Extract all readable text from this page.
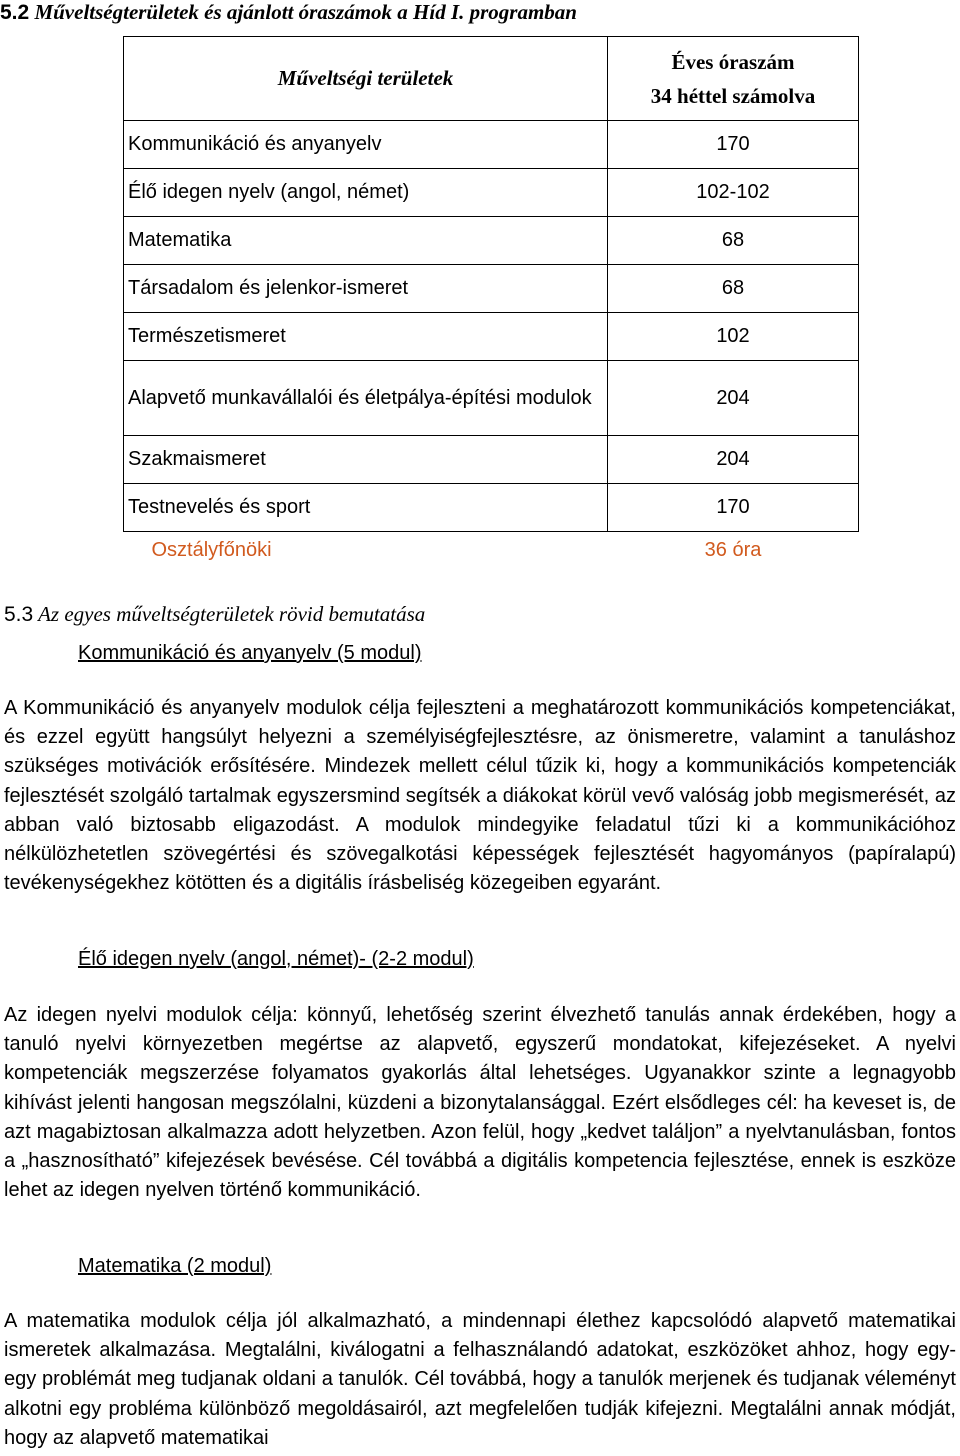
5.2 Műveltségterületek és ajánlott óraszámok a Híd I. programban
Műveltségi területek	Éves óraszám
34 héttel számolva
Kommunikáció és anyanyelv	170
Élő idegen nyelv (angol, német)	102-102
Matematika	68
Társadalom és jelenkor-ismeret	68
Természetismeret	102
Alapvető munkavállalói és életpálya-építési modulok	204
Szakmaismeret	204
Testnevelés és sport	170
Osztályfőnöki	36 óra
5.3 Az egyes műveltségterületek rövid bemutatása
Kommunikáció és anyanyelv (5 modul)
A Kommunikáció és anyanyelv modulok célja fejleszteni a meghatározott kommunikációs kompetenciákat, és ezzel együtt hangsúlyt helyezni a személyiségfejlesztésre, az önismeretre, valamint a tanuláshoz szükséges motivációk erősítésére. Mindezek mellett célul tűzik ki, hogy a kommunikációs kompetenciák fejlesztését szolgáló tartalmak egyszersmind segítsék a diákokat körül vevő valóság jobb megismerését, az abban való biztosabb eligazodást. A modulok mindegyike feladatul tűzi ki a kommunikációhoz nélkülözhetetlen szövegértési és szövegalkotási képességek fejlesztését hagyományos (papíralapú) tevékenységekhez kötötten és a digitális írásbeliség közegeiben egyaránt.
Élő idegen nyelv (angol, német)- (2-2 modul)
Az idegen nyelvi modulok célja: könnyű, lehetőség szerint élvezhető tanulás annak érdekében, hogy a tanuló nyelvi környezetben megértse az alapvető, egyszerű mondatokat, kifejezéseket. A nyelvi kompetenciák megszerzése folyamatos gyakorlás által lehetséges. Ugyanakkor szinte a legnagyobb kihívást jelenti hangosan megszólalni, küzdeni a bizonytalansággal. Ezért elsődleges cél: ha keveset is, de azt magabiztosan alkalmazza adott helyzetben. Azon felül, hogy „kedvet találjon” a nyelvtanulásban, fontos a „hasznosítható” kifejezések bevésése. Cél továbbá a digitális kompetencia fejlesztése, ennek is eszköze lehet az idegen nyelven történő kommunikáció.
Matematika (2 modul)
A matematika modulok célja jól alkalmazható, a mindennapi élethez kapcsolódó alapvető matematikai ismeretek alkalmazása. Megtalálni, kiválogatni a felhasználandó adatokat, eszközöket ahhoz, hogy egy-egy problémát meg tudjanak oldani a tanulók. Cél továbbá, hogy a tanulók merjenek és tudjanak véleményt alkotni egy probléma különböző megoldásairól, azt megfelelően tudják kifejezni. Megtalálni annak módját, hogy az alapvető matematikai
